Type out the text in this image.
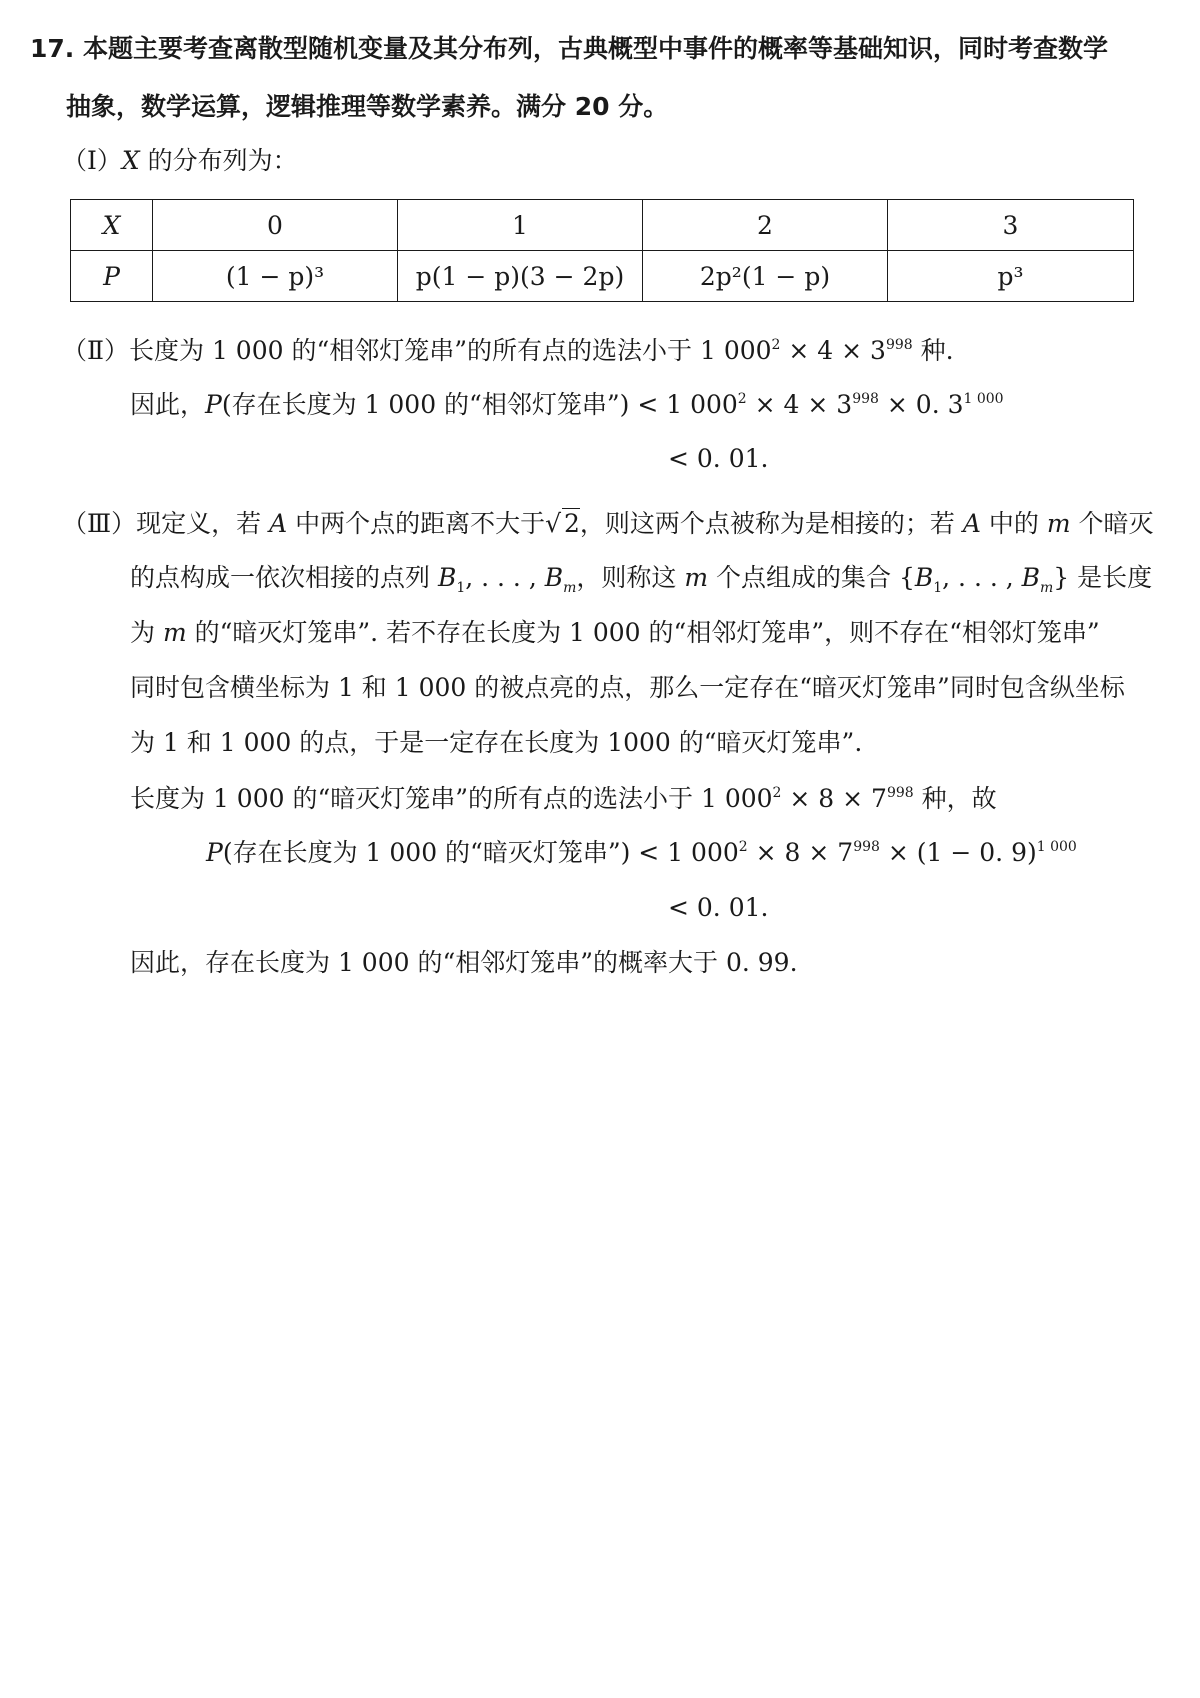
17. 本题主要考查离散型随机变量及其分布列，古典概型中事件的概率等基础知识，同时考查数学
抽象，数学运算，逻辑推理等数学素养。满分 20 分。
（Ⅰ）X 的分布列为：
X	0	1	2	3
P	(1 − p)³	p(1 − p)(3 − 2p)	2p²(1 − p)	p³
（Ⅱ）长度为 1 000 的“相邻灯笼串”的所有点的选法小于 1 $000^2 \times 4 \times 3^{998}$ 种.
因此，P(存在长度为 1 000 的“相邻灯笼串”) < 1 $000^2 \times 4 \times 3^{998} \times 0$. $3^{1 000}$
< 0. 01.
（Ⅲ）现定义，若 A 中两个点的距离不大于√ 2，则这两个点被称为是相接的；若 A 中的 m 个暗灭
的点构成一依次相接的点列 $B_1$, . . . , $B_m$，则称这 m 个点组成的集合 {$B_1$, . . . , $B_m$} 是长度
为 m 的“暗灭灯笼串”. 若不存在长度为 1 000 的“相邻灯笼串”，则不存在“相邻灯笼串”
同时包含横坐标为 1 和 1 000 的被点亮的点，那么一定存在“暗灭灯笼串”同时包含纵坐标
为 1 和 1 000 的点，于是一定存在长度为 1000 的“暗灭灯笼串”.
长度为 1 000 的“暗灭灯笼串”的所有点的选法小于 1 $000^2 \times 8 \times 7^{998}$ 种，故
P(存在长度为 1 000 的“暗灭灯笼串”) < 1 $000^2 \times 8 \times 7^{998} \times (1 - 0$. 9)$^{1 000}$
< 0. 01.
因此，存在长度为 1 000 的“相邻灯笼串”的概率大于 0. 99.
